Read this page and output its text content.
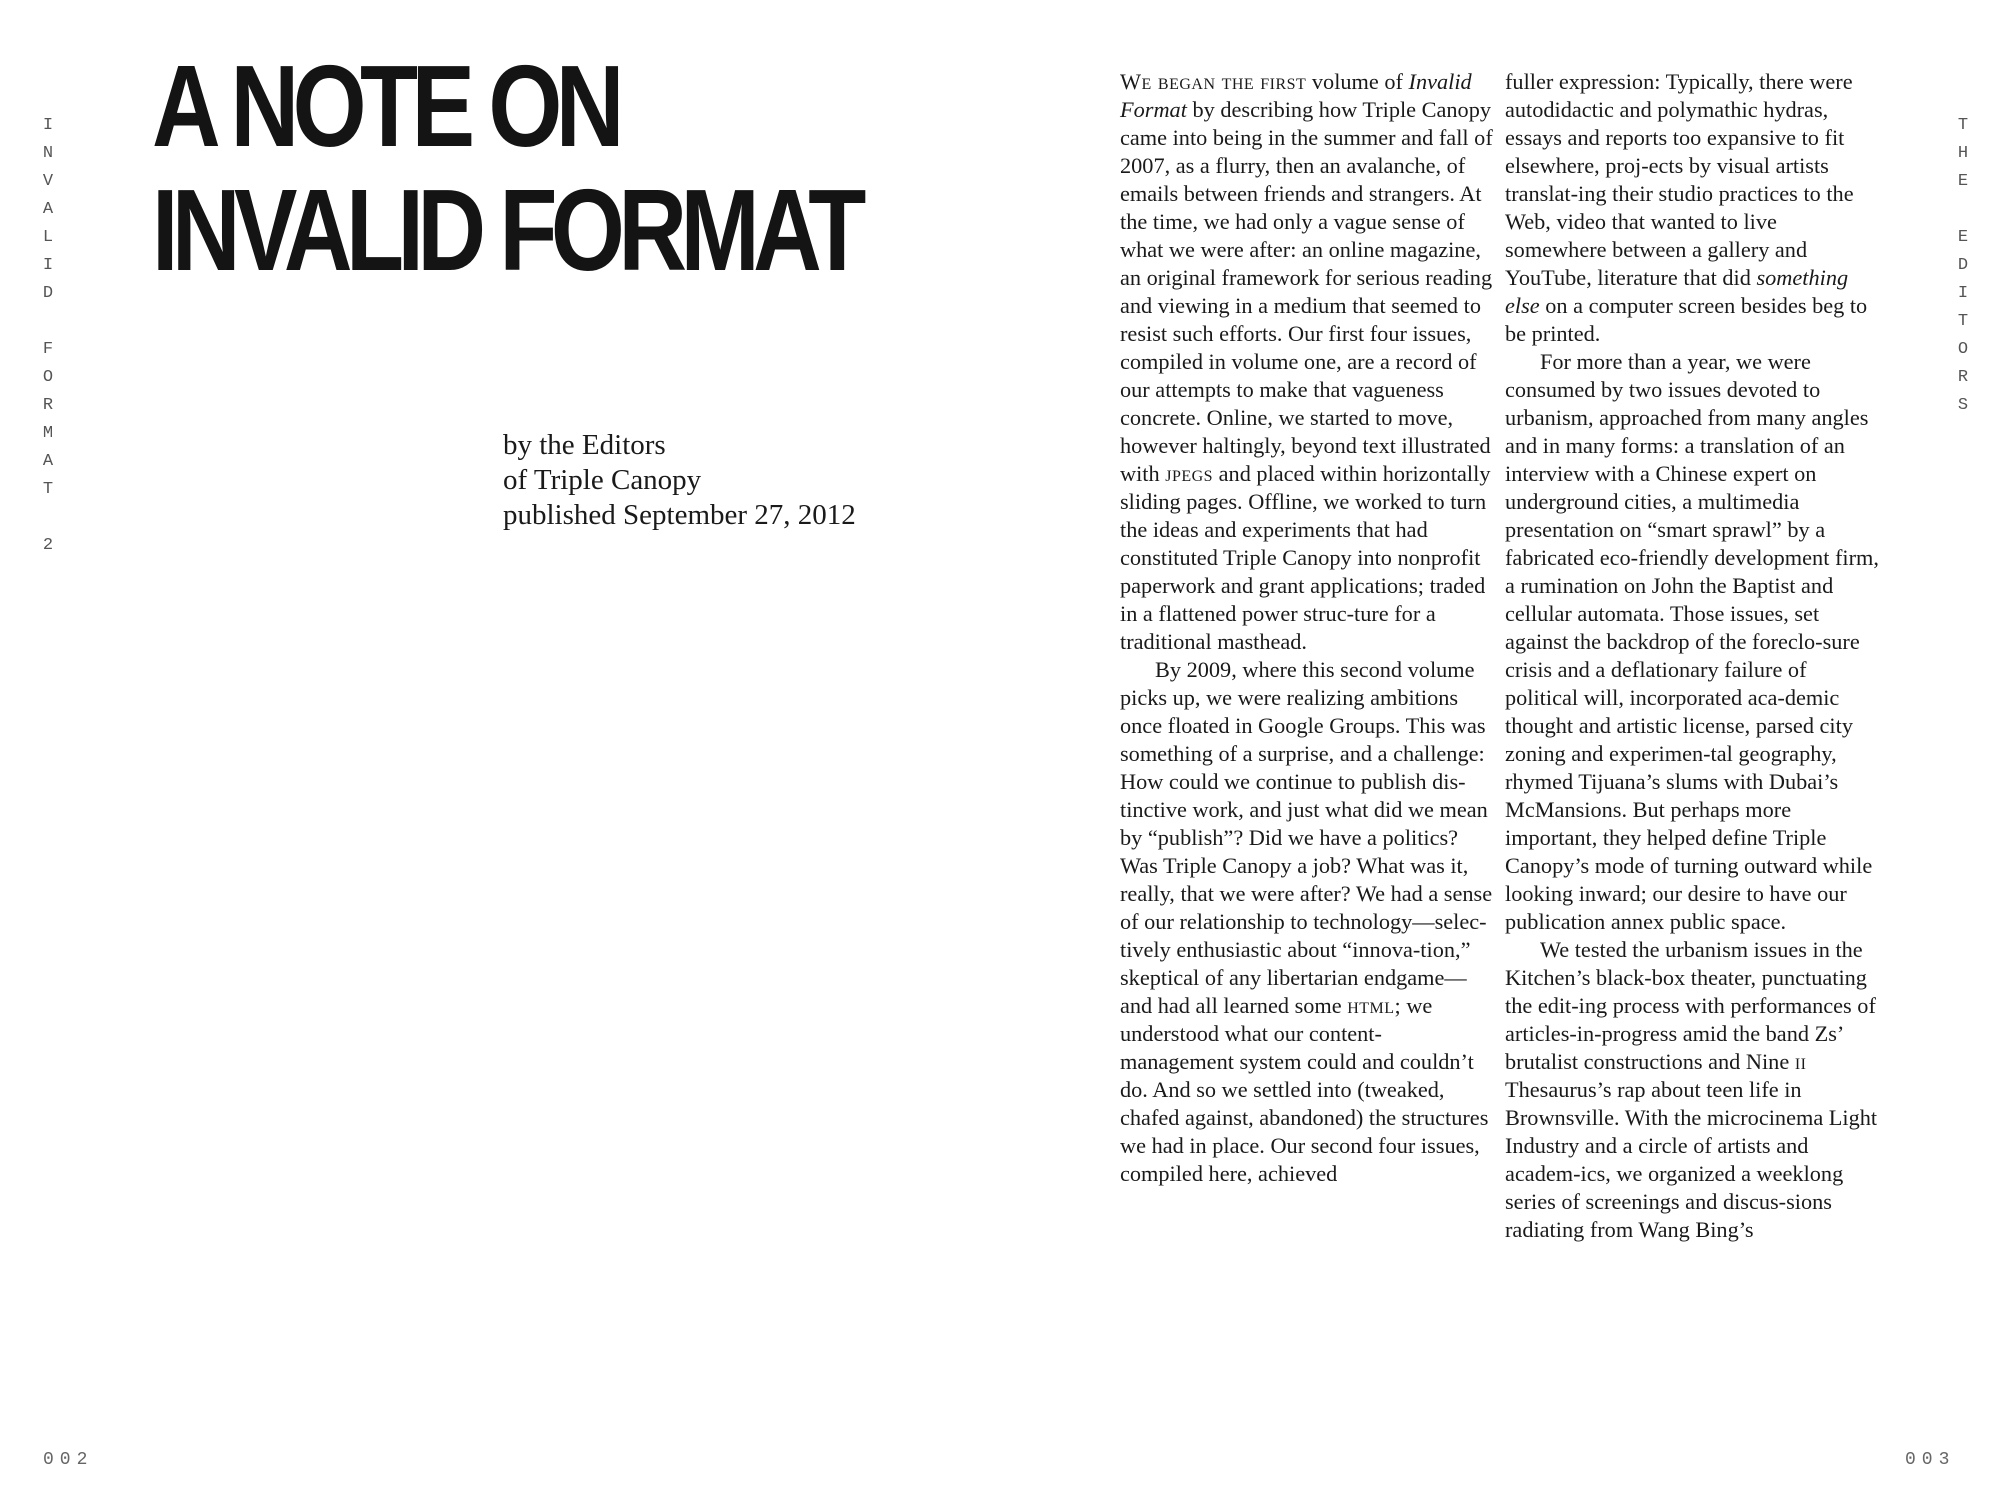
I
N
V
A
L
I
D
F
O
R
M
A
T
2
T
H
E
E
D
I
T
O
R
S
A NOTE ON
INVALID FORMAT
by the Editors
of Triple Canopy
published September 27, 2012

We began the first volume of Invalid Format by describing how Triple Canopy came into being in the summer and fall of 2007, as a flurry, then an avalanche, of emails between friends and strangers. At the time, we had only a vague sense of what we were after: an online magazine, an original framework for serious reading and viewing in a medium that seemed to resist such efforts. Our first four issues, compiled in volume one, are a record of our attempts to make that vagueness concrete. Online, we started to move, however haltingly, beyond text illustrated with jpegs and placed within horizontally sliding pages. Offline, we worked to turn the ideas and experiments that had constituted Triple Canopy into nonprofit paperwork and grant applications; traded in a flattened power struc-ture for a traditional masthead.

By 2009, where this second volume picks up, we were realizing ambitions once floated in Google Groups. This was something of a surprise, and a challenge: How could we continue to publish dis-tinctive work, and just what did we mean by “publish”? Did we have a politics? Was Triple Canopy a job? What was it, really, that we were after? We had a sense of our relationship to technology—selec-tively enthusiastic about “innova-tion,” skeptical of any libertarian endgame—and had all learned some html; we understood what our content-management system could and couldn’t do. And so we settled into (tweaked, chafed against, abandoned) the structures we had in place. Our second four issues, compiled here, achieved

fuller expression: Typically, there were autodidactic and polymathic hydras, essays and reports too expansive to fit elsewhere, proj-ects by visual artists translat-ing their studio practices to the Web, video that wanted to live somewhere between a gallery and YouTube, literature that did something else on a computer screen besides beg to be printed.

For more than a year, we were consumed by two issues devoted to urbanism, approached from many angles and in many forms: a translation of an interview with a Chinese expert on underground cities, a multimedia presentation on “smart sprawl” by a fabricated eco-friendly development firm, a rumination on John the Baptist and cellular automata. Those issues, set against the backdrop of the foreclo-sure crisis and a deflationary failure of political will, incorporated aca-demic thought and artistic license, parsed city zoning and experimen-tal geography, rhymed Tijuana’s slums with Dubai’s McMansions. But perhaps more important, they helped define Triple Canopy’s mode of turning outward while looking inward; our desire to have our publication annex public space.

We tested the urbanism issues in the Kitchen’s black-box theater, punctuating the edit-ing process with performances of articles-in-progress amid the band Zs’ brutalist constructions and Nine ii Thesaurus’s rap about teen life in Brownsville. With the microcinema Light Industry and a circle of artists and academ-ics, we organized a weeklong series of screenings and discus-sions radiating from Wang Bing’s

002	003
